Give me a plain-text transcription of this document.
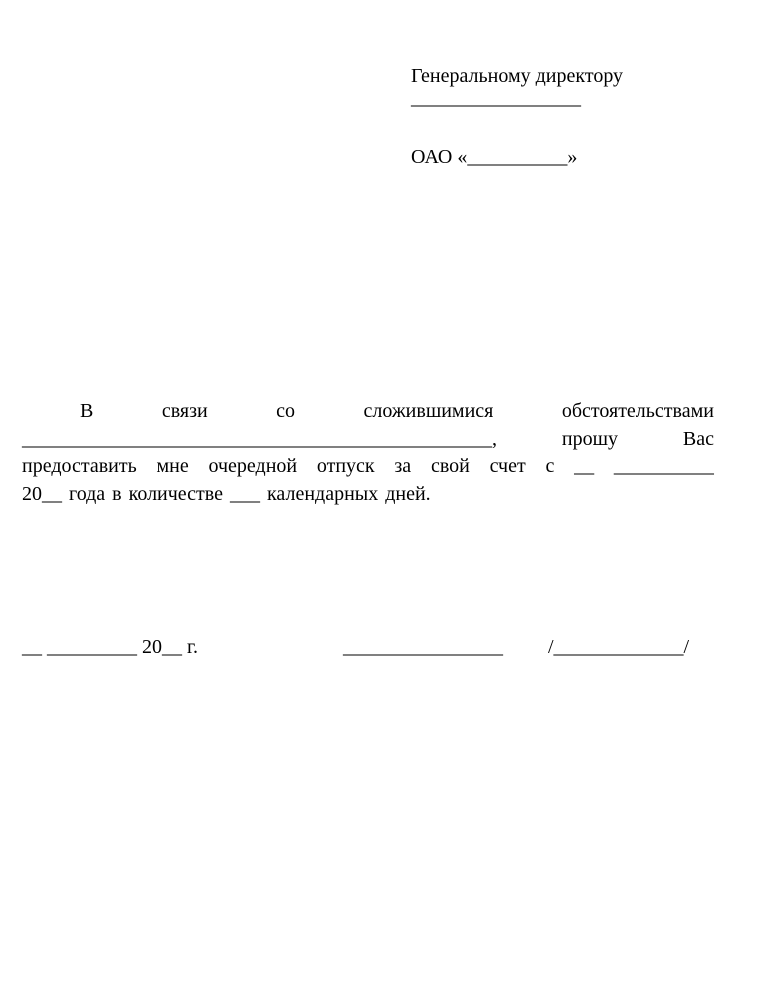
Генеральному директору

ОАО «__________»

_________________
В	связи	со	сложившимися	обстоятельствами
_______________________________________________,	прошу	Вас
предоставить мне очередной отпуск за свой счет с __ __________
20__ года в количестве ___ календарных дней.

__ _________ 20__ г.

	________________

/_____________/
